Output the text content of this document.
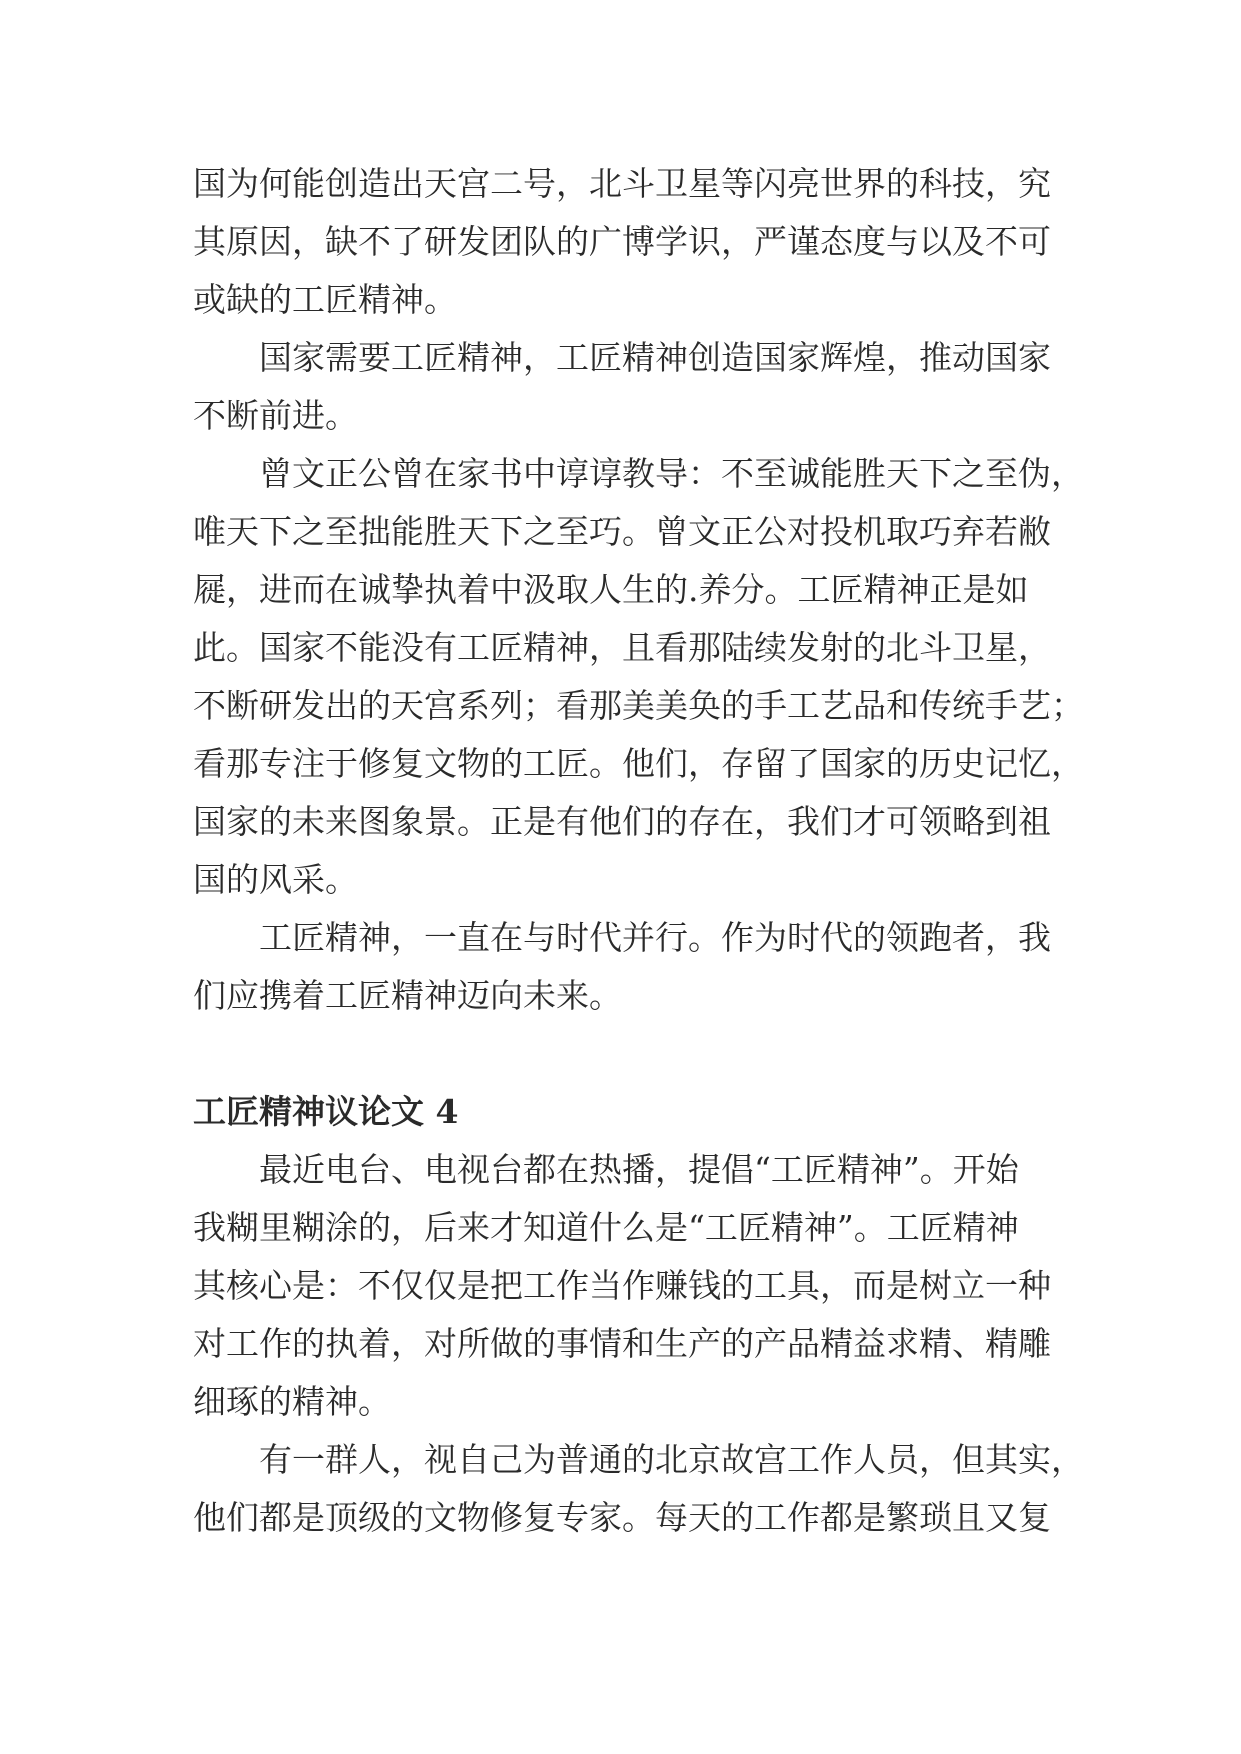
国为何能创造出天宫二号，北斗卫星等闪亮世界的科技，究
其原因，缺不了研发团队的广博学识，严谨态度与以及不可
或缺的工匠精神。

国家需要工匠精神，工匠精神创造国家辉煌，推动国家
不断前进。

曾文正公曾在家书中谆谆教导：不至诚能胜天下之至伪，
唯天下之至拙能胜天下之至巧。曾文正公对投机取巧弃若敝
屣，进而在诚挚执着中汲取人生的.养分。工匠精神正是如
此。国家不能没有工匠精神，且看那陆续发射的北斗卫星，
不断研发出的天宫系列；看那美美奂的手工艺品和传统手艺；
看那专注于修复文物的工匠。他们，存留了国家的历史记忆，
国家的未来图象景。正是有他们的存在，我们才可领略到祖
国的风采。

工匠精神，一直在与时代并行。作为时代的领跑者，我
们应携着工匠精神迈向未来。

工匠精神议论文 4

最近电台、电视台都在热播，提倡“工匠精神”。开始
我糊里糊涂的，后来才知道什么是“工匠精神”。工匠精神
其核心是：不仅仅是把工作当作赚钱的工具，而是树立一种
对工作的执着，对所做的事情和生产的产品精益求精、精雕
细琢的精神。

有一群人，视自己为普通的北京故宫工作人员，但其实，
他们都是顶级的文物修复专家。每天的工作都是繁琐且又复
